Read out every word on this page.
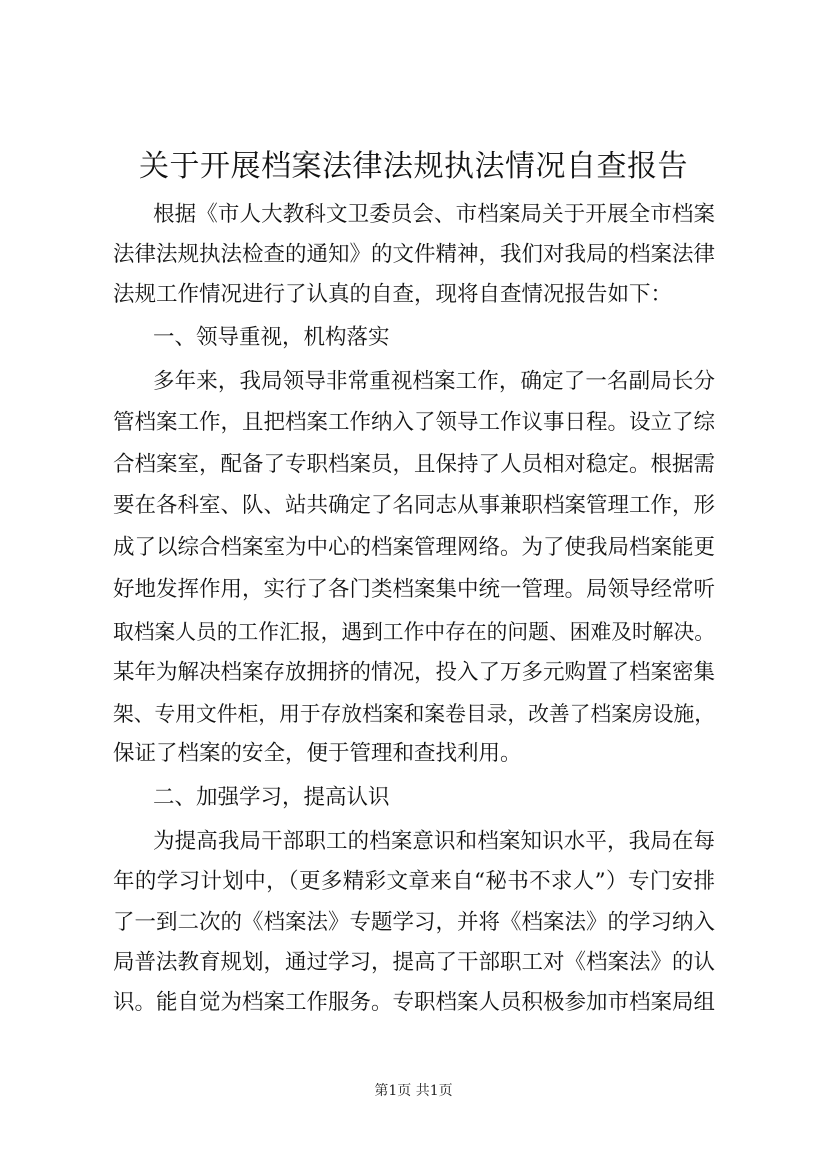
关于开展档案法律法规执法情况自查报告
根据《市人大教科文卫委员会、市档案局关于开展全市档案
法律法规执法检查的通知》的文件精神，我们对我局的档案法律
法规工作情况进行了认真的自查，现将自查情况报告如下：
一、领导重视，机构落实
多年来，我局领导非常重视档案工作，确定了一名副局长分
管档案工作，且把档案工作纳入了领导工作议事日程。设立了综
合档案室，配备了专职档案员，且保持了人员相对稳定。根据需
要在各科室、队、站共确定了名同志从事兼职档案管理工作，形
成了以综合档案室为中心的档案管理网络。为了使我局档案能更
好地发挥作用，实行了各门类档案集中统一管理。局领导经常听
取档案人员的工作汇报，遇到工作中存在的问题、困难及时解决。
某年为解决档案存放拥挤的情况，投入了万多元购置了档案密集
架、专用文件柜，用于存放档案和案卷目录，改善了档案房设施，
保证了档案的安全，便于管理和查找利用。
二、加强学习，提高认识
为提高我局干部职工的档案意识和档案知识水平，我局在每
年的学习计划中，（更多精彩文章来自“秘书不求人”）专门安排
了一到二次的《档案法》专题学习，并将《档案法》的学习纳入
局普法教育规划，通过学习，提高了干部职工对《档案法》的认
识。能自觉为档案工作服务。专职档案人员积极参加市档案局组
第1页 共1页
